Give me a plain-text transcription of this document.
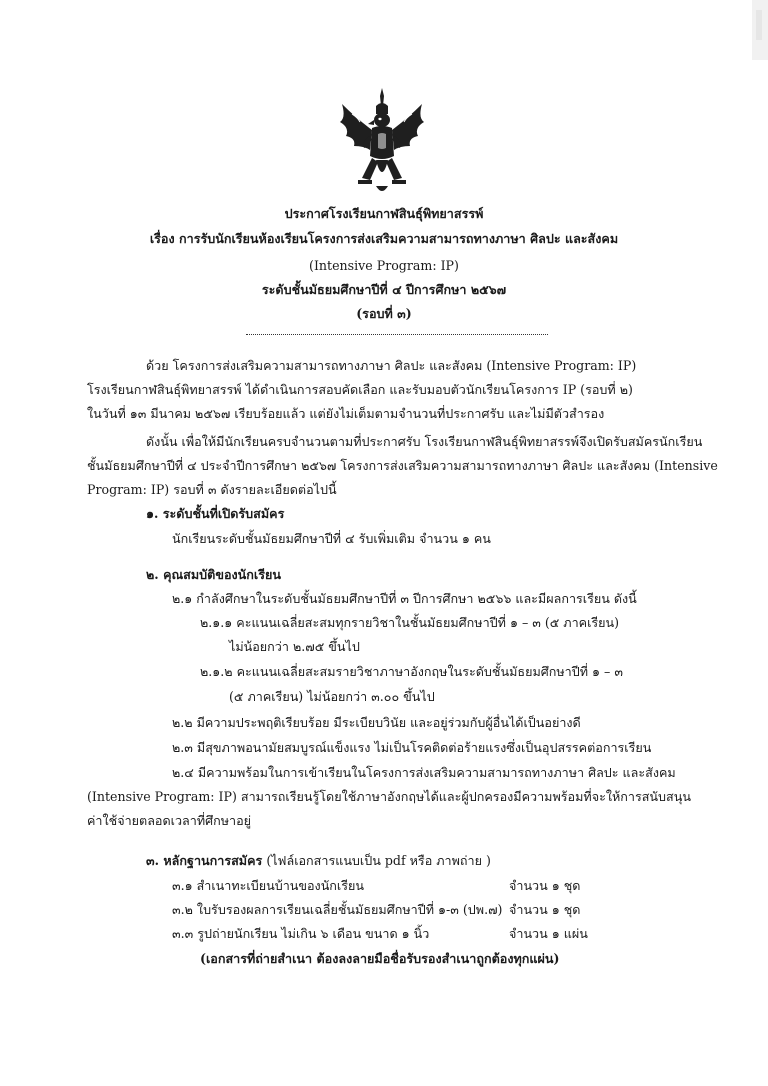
ประกาศโรงเรียนกาฬสินธุ์พิทยาสรรพ์
เรื่อง การรับนักเรียนห้องเรียนโครงการส่งเสริมความสามารถทางภาษา ศิลปะ และสังคม
(Intensive Program: IP)
ระดับชั้นมัธยมศึกษาปีที่ ๔ ปีการศึกษา ๒๕๖๗
(รอบที่ ๓)
ด้วย โครงการส่งเสริมความสามารถทางภาษา ศิลปะ และสังคม (Intensive Program: IP)
โรงเรียนกาฬสินธุ์พิทยาสรรพ์ ได้ดำเนินการสอบคัดเลือก และรับมอบตัวนักเรียนโครงการ IP (รอบที่ ๒)
ในวันที่ ๑๓ มีนาคม ๒๕๖๗ เรียบร้อยแล้ว แต่ยังไม่เต็มตามจำนวนที่ประกาศรับ และไม่มีตัวสำรอง
ดังนั้น เพื่อให้มีนักเรียนครบจำนวนตามที่ประกาศรับ โรงเรียนกาฬสินธุ์พิทยาสรรพ์จึงเปิดรับสมัครนักเรียน
ชั้นมัธยมศึกษาปีที่ ๔ ประจำปีการศึกษา ๒๕๖๗ โครงการส่งเสริมความสามารถทางภาษา ศิลปะ และสังคม (Intensive
Program: IP) รอบที่ ๓ ดังรายละเอียดต่อไปนี้
๑. ระดับชั้นที่เปิดรับสมัคร
นักเรียนระดับชั้นมัธยมศึกษาปีที่ ๔ รับเพิ่มเติม จำนวน ๑ คน
๒. คุณสมบัติของนักเรียน
๒.๑ กำลังศึกษาในระดับชั้นมัธยมศึกษาปีที่ ๓ ปีการศึกษา ๒๕๖๖ และมีผลการเรียน ดังนี้
๒.๑.๑ คะแนนเฉลี่ยสะสมทุกรายวิชาในชั้นมัธยมศึกษาปีที่ ๑ – ๓ (๕ ภาคเรียน)
ไม่น้อยกว่า ๒.๗๕ ขึ้นไป
๒.๑.๒ คะแนนเฉลี่ยสะสมรายวิชาภาษาอังกฤษในระดับชั้นมัธยมศึกษาปีที่ ๑ – ๓
(๕ ภาคเรียน) ไม่น้อยกว่า ๓.๐๐ ขึ้นไป
๒.๒ มีความประพฤติเรียบร้อย มีระเบียบวินัย และอยู่ร่วมกับผู้อื่นได้เป็นอย่างดี
๒.๓ มีสุขภาพอนามัยสมบูรณ์แข็งแรง ไม่เป็นโรคติดต่อร้ายแรงซึ่งเป็นอุปสรรคต่อการเรียน
๒.๔ มีความพร้อมในการเข้าเรียนในโครงการส่งเสริมความสามารถทางภาษา ศิลปะ และสังคม
(Intensive Program: IP) สามารถเรียนรู้โดยใช้ภาษาอังกฤษได้และผู้ปกครองมีความพร้อมที่จะให้การสนับสนุน
ค่าใช้จ่ายตลอดเวลาที่ศึกษาอยู่
๓. หลักฐานการสมัคร (ไฟล์เอกสารแนบเป็น pdf หรือ ภาพถ่าย )
๓.๑ สำเนาทะเบียนบ้านของนักเรียน	จำนวน ๑ ชุด
๓.๒ ใบรับรองผลการเรียนเฉลี่ยชั้นมัธยมศึกษาปีที่ ๑-๓ (ปพ.๗) จำนวน ๑ ชุด
๓.๓ รูปถ่ายนักเรียน ไม่เกิน ๖ เดือน ขนาด ๑ นิ้ว	จำนวน ๑ แผ่น
(เอกสารที่ถ่ายสำเนา ต้องลงลายมือชื่อรับรองสำเนาถูกต้องทุกแผ่น)
